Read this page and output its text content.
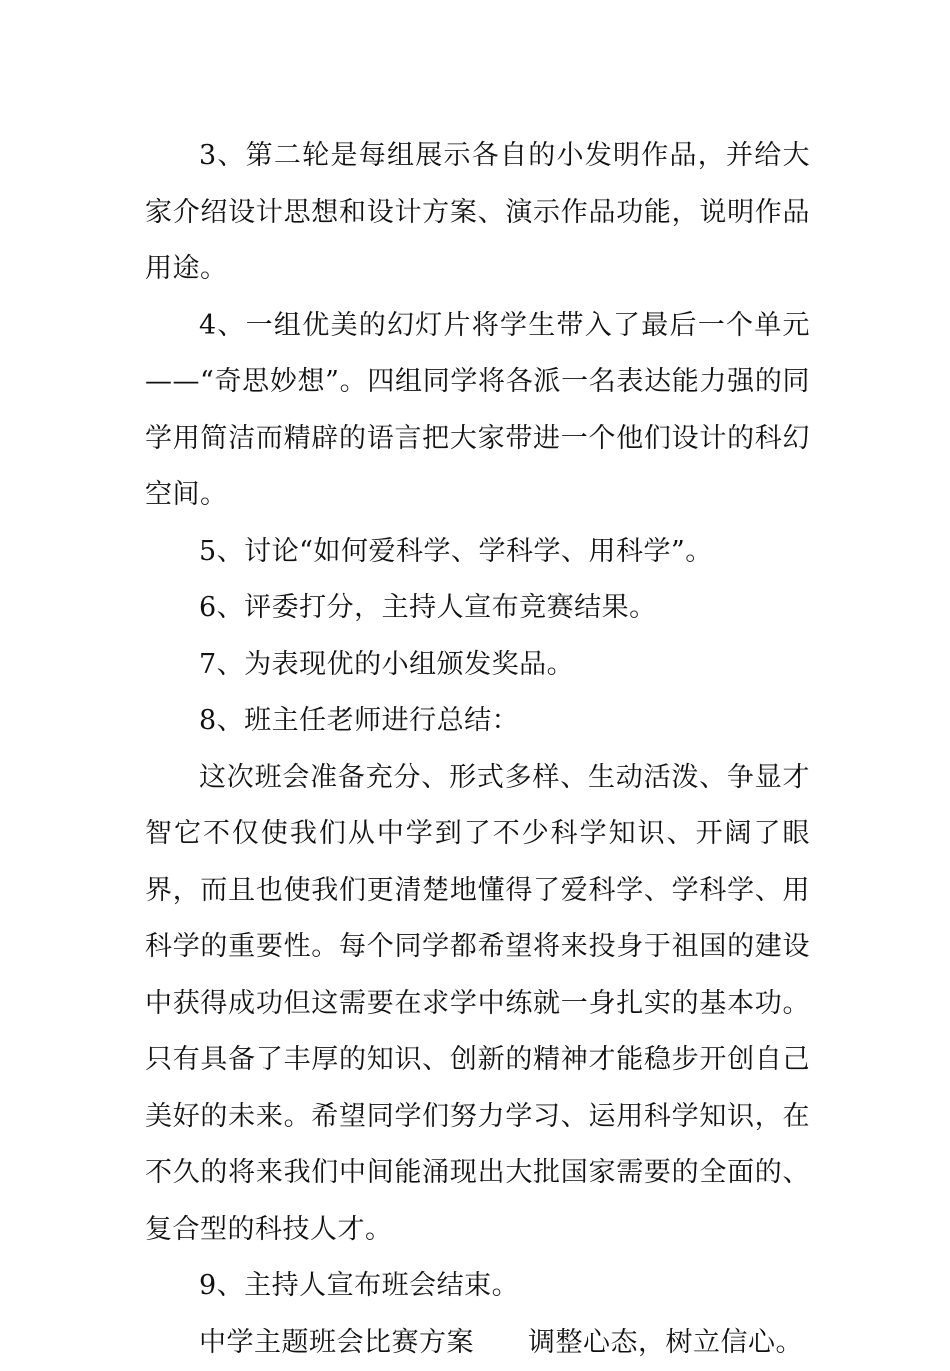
3、第二轮是每组展示各自的小发明作品，并给大家介绍设计思想和设计方案、演示作品功能，说明作品用途。

4、一组优美的幻灯片将学生带入了最后一个单元——“奇思妙想”。四组同学将各派一名表达能力强的同学用简洁而精辟的语言把大家带进一个他们设计的科幻空间。

5、讨论“如何爱科学、学科学、用科学”。

6、评委打分，主持人宣布竞赛结果。

7、为表现优的小组颁发奖品。

8、班主任老师进行总结：

这次班会准备充分、形式多样、生动活泼、争显才智它不仅使我们从中学到了不少科学知识、开阔了眼界，而且也使我们更清楚地懂得了爱科学、学科学、用科学的重要性。每个同学都希望将来投身于祖国的建设中获得成功但这需要在求学中练就一身扎实的基本功。只有具备了丰厚的知识、创新的精神才能稳步开创自己美好的未来。希望同学们努力学习、运用科学知识，在不久的将来我们中间能涌现出大批国家需要的全面的、复合型的科技人才。

9、主持人宣布班会结束。

中学主题班会比赛方案 调整心态，树立信心。
